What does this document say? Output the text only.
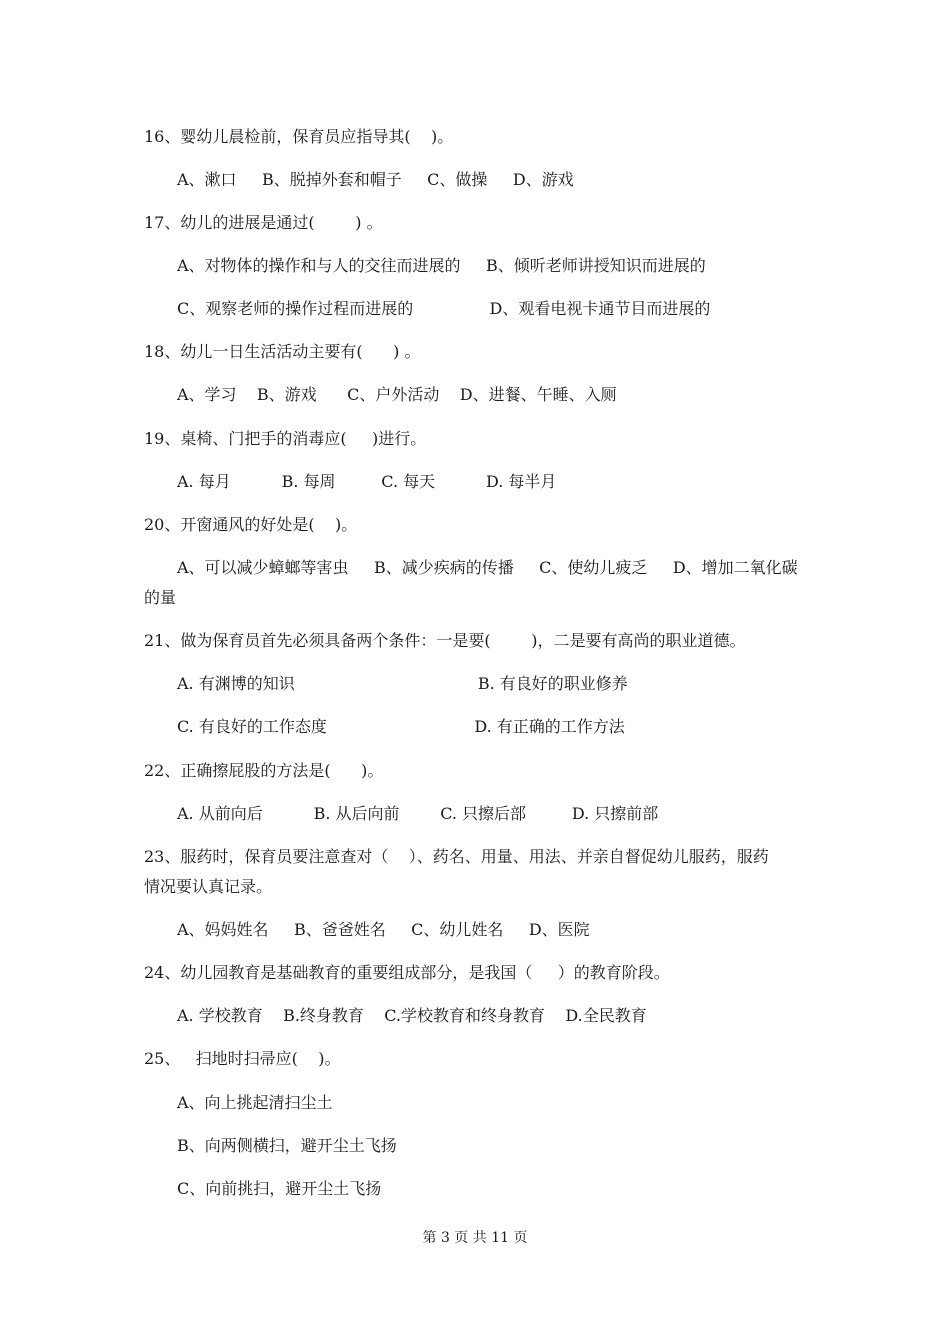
16、婴幼儿晨检前，保育员应指导其(    )。

A、漱口     B、脱掉外套和帽子     C、做操     D、游戏

17、幼儿的进展是通过(        ) 。

A、对物体的操作和与人的交往而进展的     B、倾听老师讲授知识而进展的

C、观察老师的操作过程而进展的               D、观看电视卡通节目而进展的

18、幼儿一日生活活动主要有(      ) 。

A、学习    B、游戏      C、户外活动    D、进餐、午睡、入厕

19、桌椅、门把手的消毒应(     )进行。

A. 每月          B. 每周         C. 每天          D. 每半月

20、开窗通风的好处是(    )。

A、可以减少蟑螂等害虫     B、减少疾病的传播     C、使幼儿疲乏     D、增加二氧化碳

的量

21、做为保育员首先必须具备两个条件：一是要(        )，二是要有高尚的职业道德。

A. 有渊博的知识                                    B. 有良好的职业修养

C. 有良好的工作态度                             D. 有正确的工作方法

22、正确擦屁股的方法是(      )。

A. 从前向后          B. 从后向前        C. 只擦后部         D. 只擦前部

23、服药时，保育员要注意查对（    ）、药名、用量、用法、并亲自督促幼儿服药，服药

情况要认真记录。

A、妈妈姓名     B、爸爸姓名     C、幼儿姓名     D、医院

24、幼儿园教育是基础教育的重要组成部分，是我国（     ）的教育阶段。

A. 学校教育    B.终身教育    C.学校教育和终身教育    D.全民教育

25、   扫地时扫帚应(    )。

A、向上挑起清扫尘土

B、向两侧横扫，避开尘土飞扬

C、向前挑扫，避开尘土飞扬

第 3 页 共 11 页
